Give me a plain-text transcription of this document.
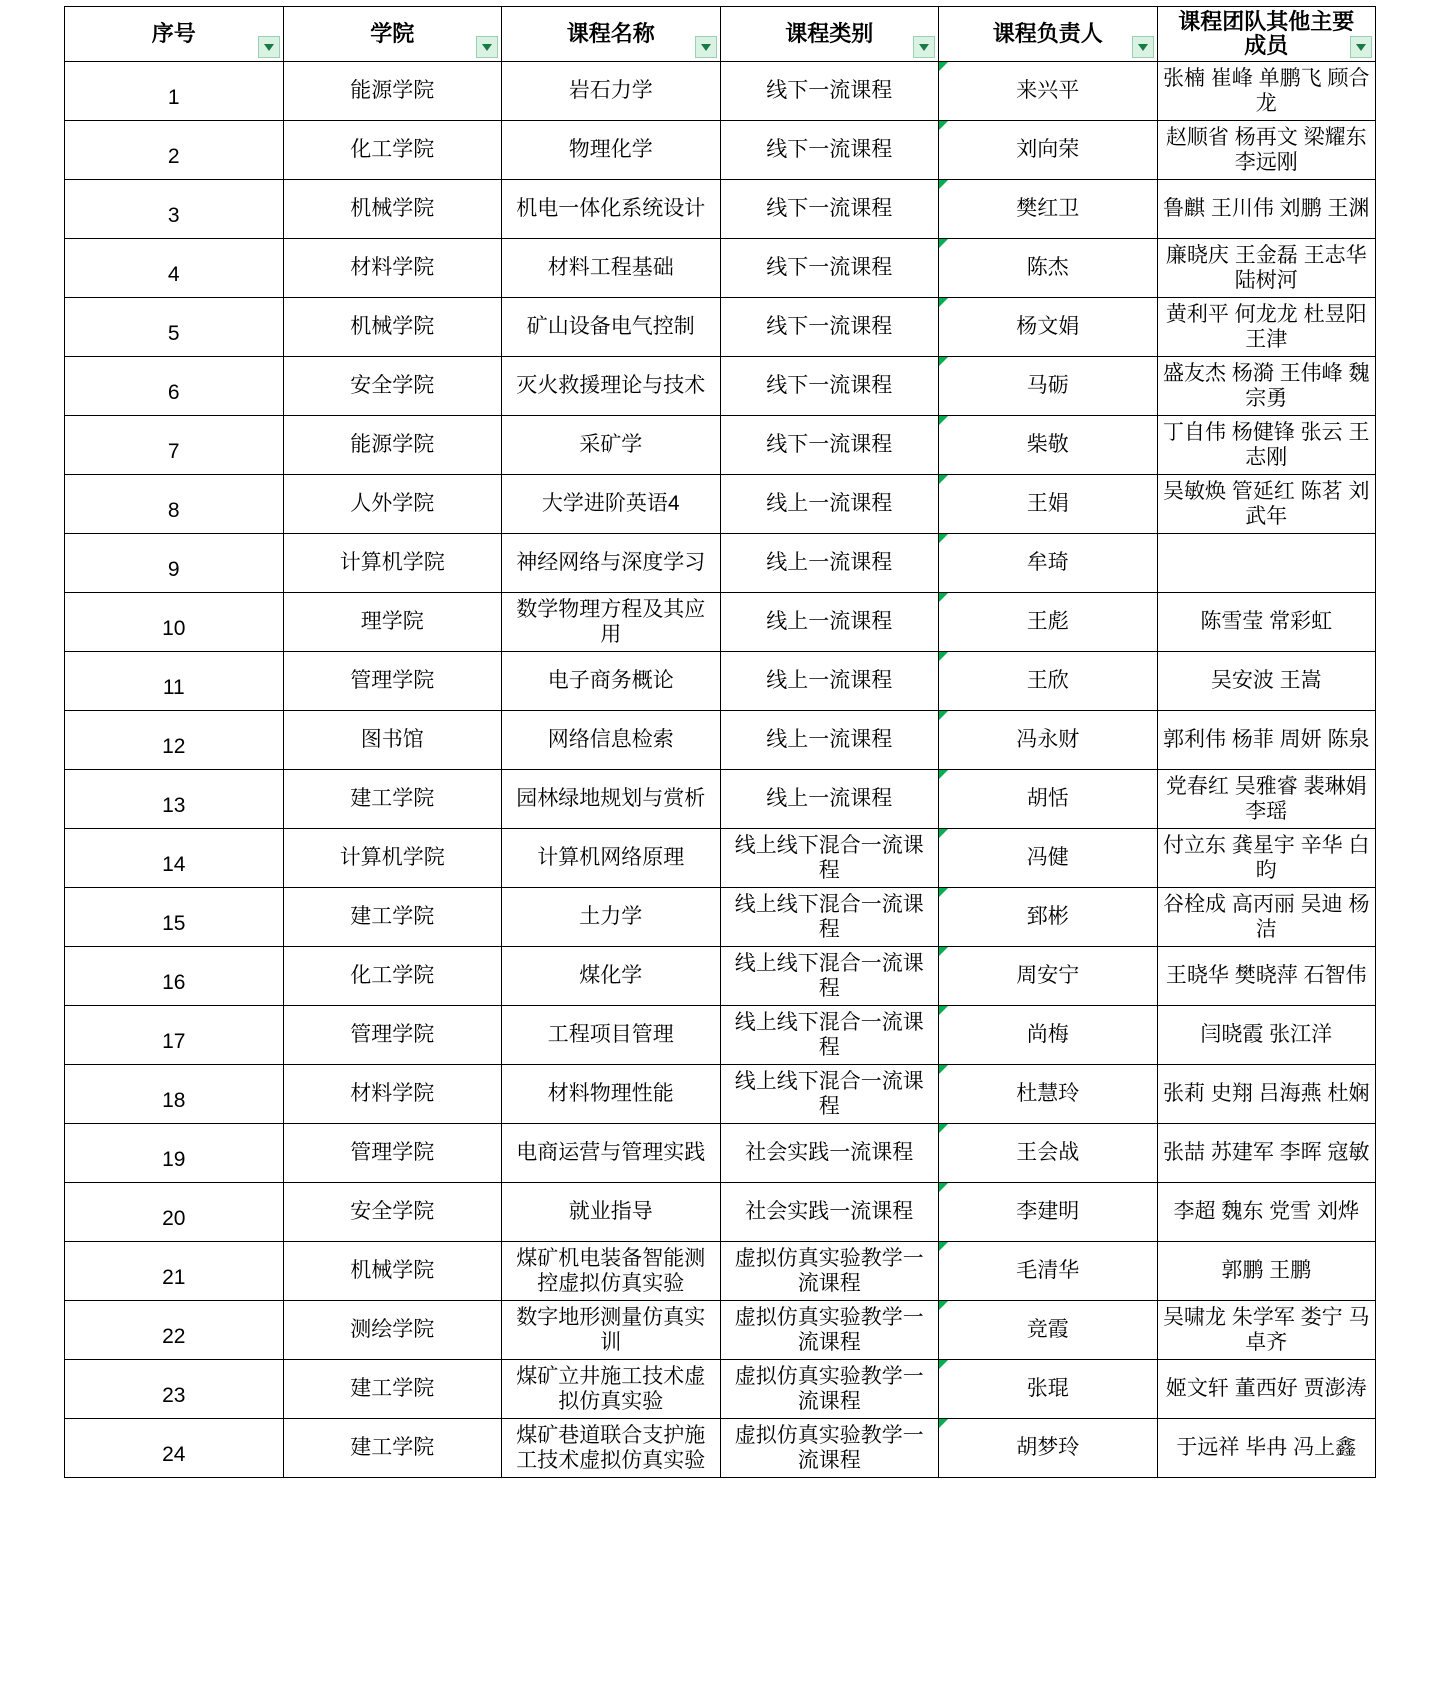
序号	学院	课程名称	课程类别	课程负责人	课程团队其他主要成员

1	能源学院	岩石力学	线下一流课程	来兴平	张楠 崔峰 单鹏飞 顾合龙

2	化工学院	物理化学	线下一流课程	刘向荣	赵顺省 杨再文 梁耀东 李远刚

3	机械学院	机电一体化系统设计	线下一流课程	樊红卫	鲁麒 王川伟 刘鹏 王渊

4	材料学院	材料工程基础	线下一流课程	陈杰	廉晓庆 王金磊 王志华 陆树河

5	机械学院	矿山设备电气控制	线下一流课程	杨文娟	黄利平 何龙龙 杜昱阳 王津

6	安全学院	灭火救援理论与技术	线下一流课程	马砺	盛友杰 杨漪 王伟峰 魏宗勇

7	能源学院	采矿学	线下一流课程	柴敬	丁自伟 杨健锋 张云 王志刚

8	人外学院	大学进阶英语4	线上一流课程	王娟	吴敏焕 管延红 陈茗 刘武年

9	计算机学院	神经网络与深度学习	线上一流课程	牟琦	

10	理学院	数学物理方程及其应用	线上一流课程	王彪	陈雪莹 常彩虹

11	管理学院	电子商务概论	线上一流课程	王欣	吴安波 王嵩

12	图书馆	网络信息检索	线上一流课程	冯永财	郭利伟 杨菲 周妍 陈泉

13	建工学院	园林绿地规划与赏析	线上一流课程	胡恬	党春红 吴雅睿 裴琳娟 李瑶

14	计算机学院	计算机网络原理	线上线下混合一流课程	冯健	付立东 龚星宇 辛华 白昀

15	建工学院	土力学	线上线下混合一流课程	郅彬	谷栓成 高丙丽 吴迪 杨洁

16	化工学院	煤化学	线上线下混合一流课程	周安宁	王晓华 樊晓萍 石智伟

17	管理学院	工程项目管理	线上线下混合一流课程	尚梅	闫晓霞 张江洋

18	材料学院	材料物理性能	线上线下混合一流课程	杜慧玲	张莉 史翔 吕海燕 杜娴

19	管理学院	电商运营与管理实践	社会实践一流课程	王会战	张喆 苏建军 李晖 寇敏

20	安全学院	就业指导	社会实践一流课程	李建明	李超 魏东 党雪 刘烨

21	机械学院	煤矿机电装备智能测控虚拟仿真实验	虚拟仿真实验教学一流课程	毛清华	郭鹏 王鹏

22	测绘学院	数字地形测量仿真实训	虚拟仿真实验教学一流课程	竞霞	吴啸龙 朱学军 娄宁 马卓齐

23	建工学院	煤矿立井施工技术虚拟仿真实验	虚拟仿真实验教学一流课程	张琨	姬文轩 董西好 贾澎涛

24	建工学院	煤矿巷道联合支护施工技术虚拟仿真实验	虚拟仿真实验教学一流课程	胡梦玲	于远祥 毕冉 冯上鑫
